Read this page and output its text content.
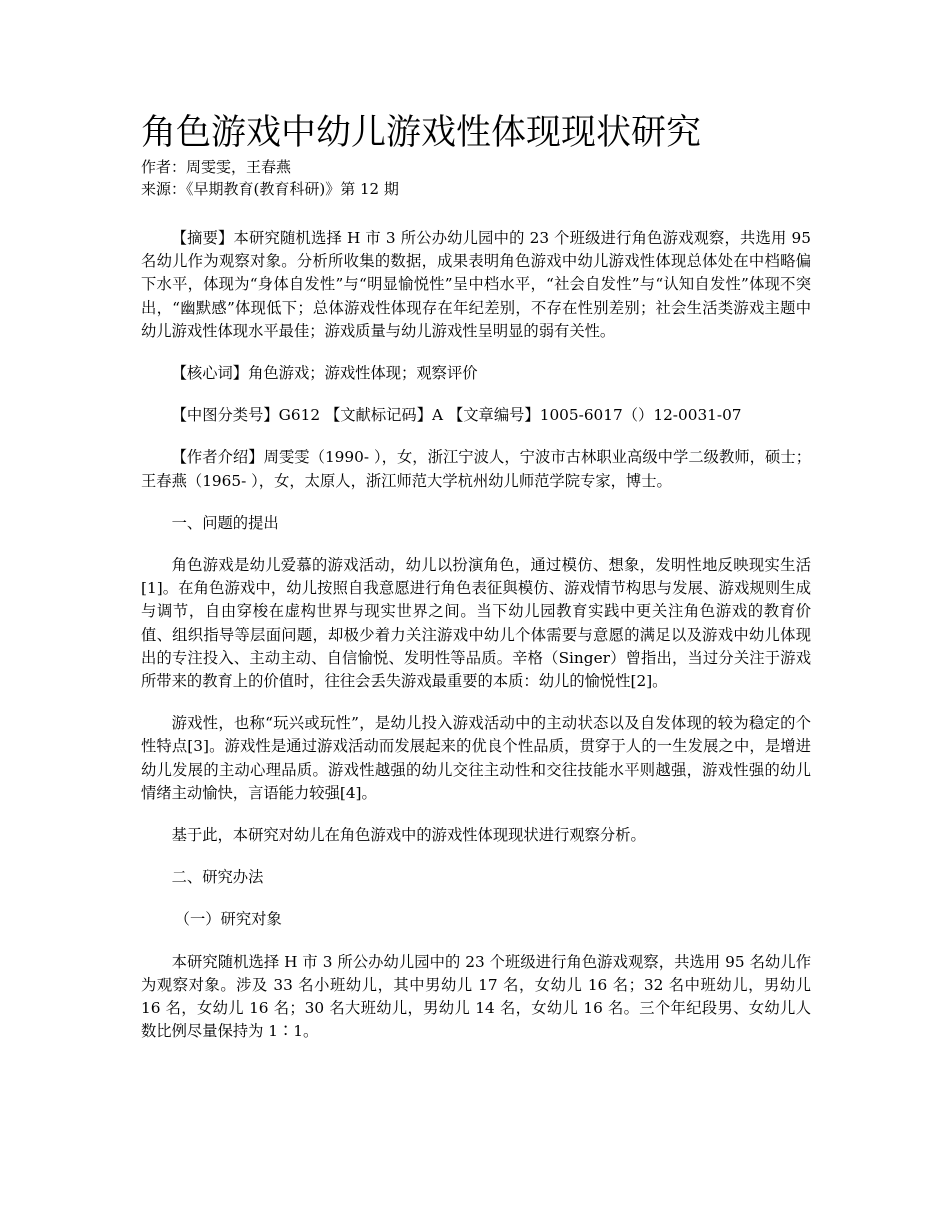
角色游戏中幼儿游戏性体现现状研究

作者：周雯雯，王春燕

来源：《早期教育(教育科研)》第 12 期

【摘要】本研究随机选择 H 市 3 所公办幼儿园中的 23 个班级进行角色游戏观察，共选用 95 名幼儿作为观察对象。分析所收集的数据，成果表明角色游戏中幼儿游戏性体现总体处在中档略偏下水平，体现为“身体自发性”与“明显愉悦性”呈中档水平，“社会自发性”与“认知自发性”体现不突出，“幽默感”体现低下；总体游戏性体现存在年纪差别，不存在性别差别；社会生活类游戏主题中幼儿游戏性体现水平最佳；游戏质量与幼儿游戏性呈明显的弱有关性。

【核心词】角色游戏；游戏性体现；观察评价

【中图分类号】G612 【文献标记码】A 【文章编号】1005-6017（）12-0031-07

【作者介绍】周雯雯（1990- ），女，浙江宁波人，宁波市古林职业高级中学二级教师，硕士；王春燕（1965- ），女，太原人，浙江师范大学杭州幼儿师范学院专家，博士。

一、问题的提出

角色游戏是幼儿爱慕的游戏活动，幼儿以扮演角色，通过模仿、想象，发明性地反映现实生活[1]。在角色游戏中，幼儿按照自我意愿进行角色表征與模仿、游戏情节构思与发展、游戏规则生成与调节，自由穿梭在虚构世界与现实世界之间。当下幼儿园教育实践中更关注角色游戏的教育价值、组织指导等层面问题，却极少着力关注游戏中幼儿个体需要与意愿的满足以及游戏中幼儿体现出的专注投入、主动主动、自信愉悦、发明性等品质。辛格（Singer）曾指出，当过分关注于游戏所带来的教育上的价值时，往往会丢失游戏最重要的本质：幼儿的愉悦性[2]。

游戏性，也称“玩兴或玩性”，是幼儿投入游戏活动中的主动状态以及自发体现的较为稳定的个性特点[3]。游戏性是通过游戏活动而发展起来的优良个性品质，贯穿于人的一生发展之中，是增进幼儿发展的主动心理品质。游戏性越强的幼儿交往主动性和交往技能水平则越强，游戏性强的幼儿情绪主动愉快，言语能力较强[4]。

基于此，本研究对幼儿在角色游戏中的游戏性体现现状进行观察分析。

二、研究办法

（一）研究对象

本研究随机选择 H 市 3 所公办幼儿园中的 23 个班级进行角色游戏观察，共选用 95 名幼儿作为观察对象。涉及 33 名小班幼儿，其中男幼儿 17 名，女幼儿 16 名；32 名中班幼儿，男幼儿 16 名，女幼儿 16 名；30 名大班幼儿，男幼儿 14 名，女幼儿 16 名。三个年纪段男、女幼儿人数比例尽量保持为 1∶1。
